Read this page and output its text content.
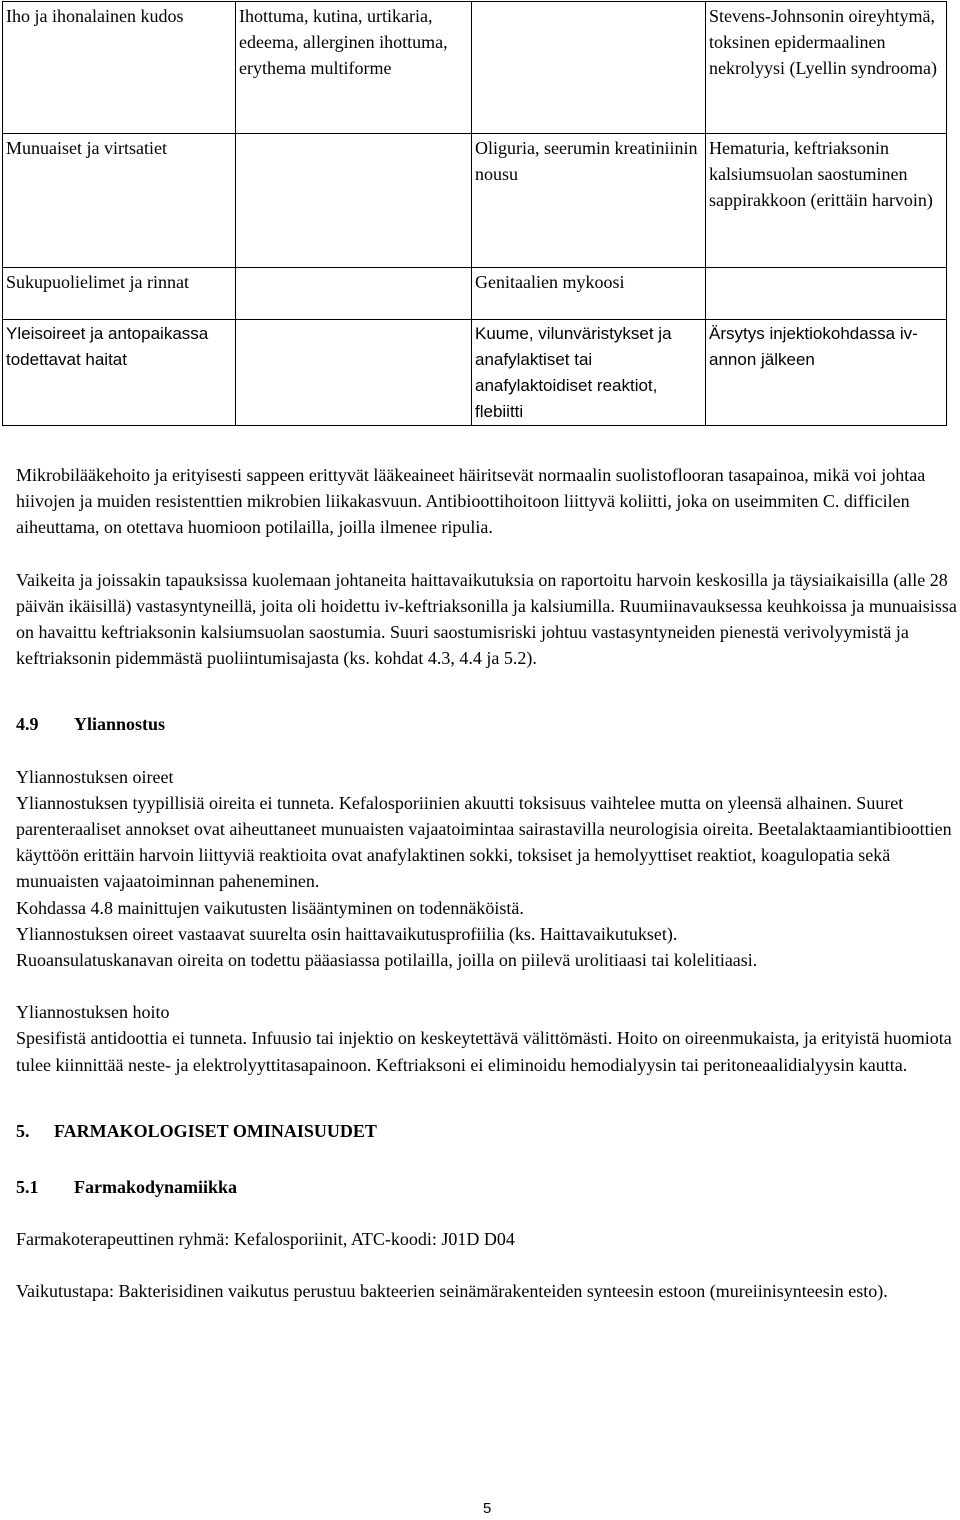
Iho ja ihonalainen kudos	Ihottuma, kutina, urtikaria, edeema, allerginen ihottuma, erythema multiforme		Stevens-Johnsonin oireyhtymä, toksinen epidermaalinen nekrolyysi (Lyellin syndrooma)
Munuaiset ja virtsatiet		Oliguria, seerumin kreatiniinin nousu	Hematuria, keftriaksonin kalsiumsuolan saostuminen sappirakkoon (erittäin harvoin)
Sukupuolielimet ja rinnat		Genitaalien mykoosi	
Yleisoireet ja antopaikassa todettavat haitat		Kuume, vilunväristykset ja anafylaktiset tai anafylaktoidiset reaktiot, flebiitti	Ärsytys injektiokohdassa iv-annon jälkeen

Mikrobilääkehoito ja erityisesti sappeen erittyvät lääkeaineet häiritsevät normaalin suolistoflooran tasapainoa, mikä voi johtaa hiivojen ja muiden resistenttien mikrobien liikakasvuun. Antibioottihoitoon liittyvä koliitti, joka on useimmiten C. difficilen aiheuttama, on otettava huomioon potilailla, joilla ilmenee ripulia.

Vaikeita ja joissakin tapauksissa kuolemaan johtaneita haittavaikutuksia on raportoitu harvoin keskosilla ja täysiaikaisilla (alle 28 päivän ikäisillä) vastasyntyneillä, joita oli hoidettu iv-keftriaksonilla ja kalsiumilla. Ruumiinavauksessa keuhkoissa ja munuaisissa on havaittu keftriaksonin kalsiumsuolan saostumia. Suuri saostumisriski johtuu vastasyntyneiden pienestä verivolyymistä ja keftriaksonin pidemmästä puoliintumisajasta (ks. kohdat 4.3, 4.4 ja 5.2).

4.9 Yliannostus

Yliannostuksen oireet

Yliannostuksen tyypillisiä oireita ei tunneta. Kefalosporiinien akuutti toksisuus vaihtelee mutta on yleensä alhainen. Suuret parenteraaliset annokset ovat aiheuttaneet munuaisten vajaatoimintaa sairastavilla neurologisia oireita. Beetalaktaamiantibioottien käyttöön erittäin harvoin liittyviä reaktioita ovat anafylaktinen sokki, toksiset ja hemolyyttiset reaktiot, koagulopatia sekä munuaisten vajaatoiminnan paheneminen.

Kohdassa 4.8 mainittujen vaikutusten lisääntyminen on todennäköistä.

Yliannostuksen oireet vastaavat suurelta osin haittavaikutusprofiilia (ks. Haittavaikutukset).

Ruoansulatuskanavan oireita on todettu pääasiassa potilailla, joilla on piilevä urolitiaasi tai kolelitiaasi.

Yliannostuksen hoito

Spesifistä antidoottia ei tunneta. Infuusio tai injektio on keskeytettävä välittömästi. Hoito on oireenmukaista, ja erityistä huomiota tulee kiinnittää neste- ja elektrolyyttitasapainoon. Keftriaksoni ei eliminoidu hemodialyysin tai peritoneaalidialyysin kautta.

5. FARMAKOLOGISET OMINAISUUDET

5.1 Farmakodynamiikka

Farmakoterapeuttinen ryhmä: Kefalosporiinit, ATC-koodi: J01D D04

Vaikutustapa: Bakterisidinen vaikutus perustuu bakteerien seinämärakenteiden synteesin estoon (mureiinisynteesin esto).

5
